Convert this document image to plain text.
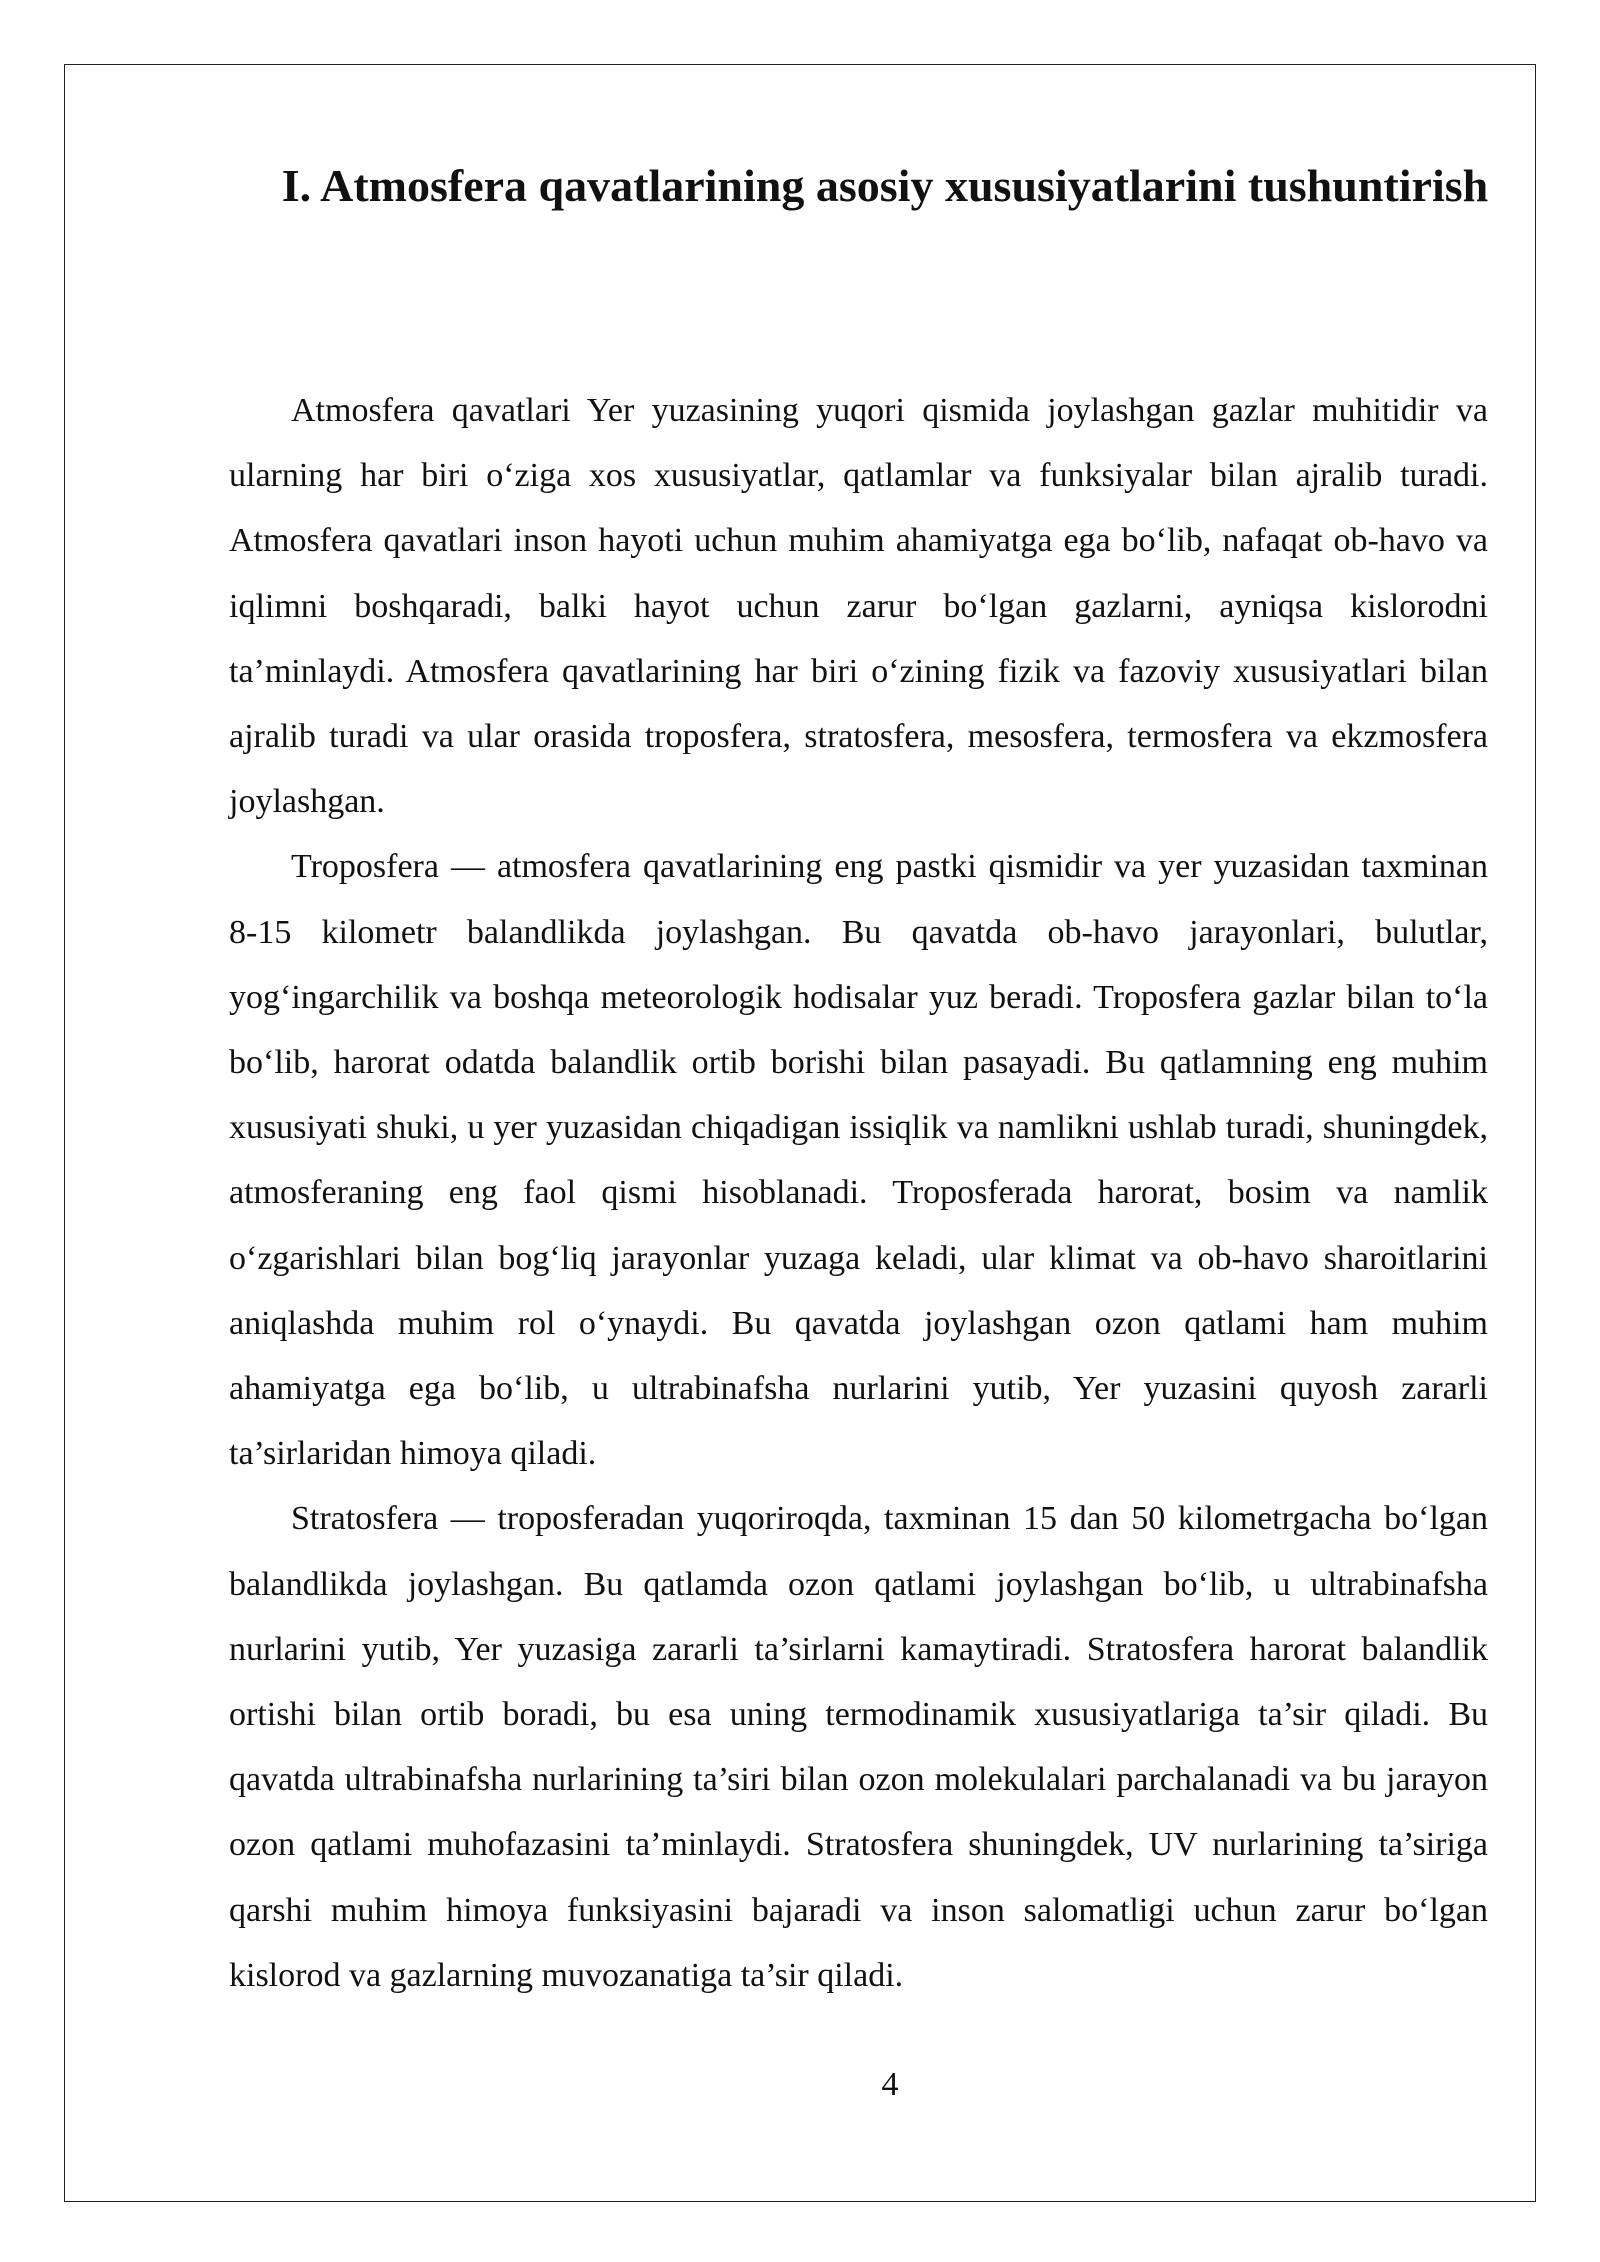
I. Atmosfera qavatlarining asosiy xususiyatlarini tushuntirish

Atmosfera qavatlari Yer yuzasining yuqori qismida joylashgan gazlar muhitidir va ularning har biri o‘ziga xos xususiyatlar, qatlamlar va funksiyalar bilan ajralib turadi. Atmosfera qavatlari inson hayoti uchun muhim ahamiyatga ega bo‘lib, nafaqat ob-havo va iqlimni boshqaradi, balki hayot uchun zarur bo‘lgan gazlarni, ayniqsa kislorodni ta’minlaydi. Atmosfera qavatlarining har biri o‘zining fizik va fazoviy xususiyatlari bilan ajralib turadi va ular orasida troposfera, stratosfera, mesosfera, termosfera va ekzmosfera joylashgan.

Troposfera — atmosfera qavatlarining eng pastki qismidir va yer yuzasidan taxminan 8-15 kilometr balandlikda joylashgan. Bu qavatda ob-havo jarayonlari, bulutlar, yog‘ingarchilik va boshqa meteorologik hodisalar yuz beradi. Troposfera gazlar bilan to‘la bo‘lib, harorat odatda balandlik ortib borishi bilan pasayadi. Bu qatlamning eng muhim xususiyati shuki, u yer yuzasidan chiqadigan issiqlik va namlikni ushlab turadi, shuningdek, atmosferaning eng faol qismi hisoblanadi. Troposferada harorat, bosim va namlik o‘zgarishlari bilan bog‘liq jarayonlar yuzaga keladi, ular klimat va ob-havo sharoitlarini aniqlashda muhim rol o‘ynaydi. Bu qavatda joylashgan ozon qatlami ham muhim ahamiyatga ega bo‘lib, u ultrabinafsha nurlarini yutib, Yer yuzasini quyosh zararli ta’sirlaridan himoya qiladi.

Stratosfera — troposferadan yuqoriroqda, taxminan 15 dan 50 kilometrgacha bo‘lgan balandlikda joylashgan. Bu qatlamda ozon qatlami joylashgan bo‘lib, u ultrabinafsha nurlarini yutib, Yer yuzasiga zararli ta’sirlarni kamaytiradi. Stratosfera harorat balandlik ortishi bilan ortib boradi, bu esa uning termodinamik xususiyatlariga ta’sir qiladi. Bu qavatda ultrabinafsha nurlarining ta’siri bilan ozon molekulalari parchalanadi va bu jarayon ozon qatlami muhofazasini ta’minlaydi. Stratosfera shuningdek, UV nurlarining ta’siriga qarshi muhim himoya funksiyasini bajaradi va inson salomatligi uchun zarur bo‘lgan kislorod va gazlarning muvozanatiga ta’sir qiladi.

4
